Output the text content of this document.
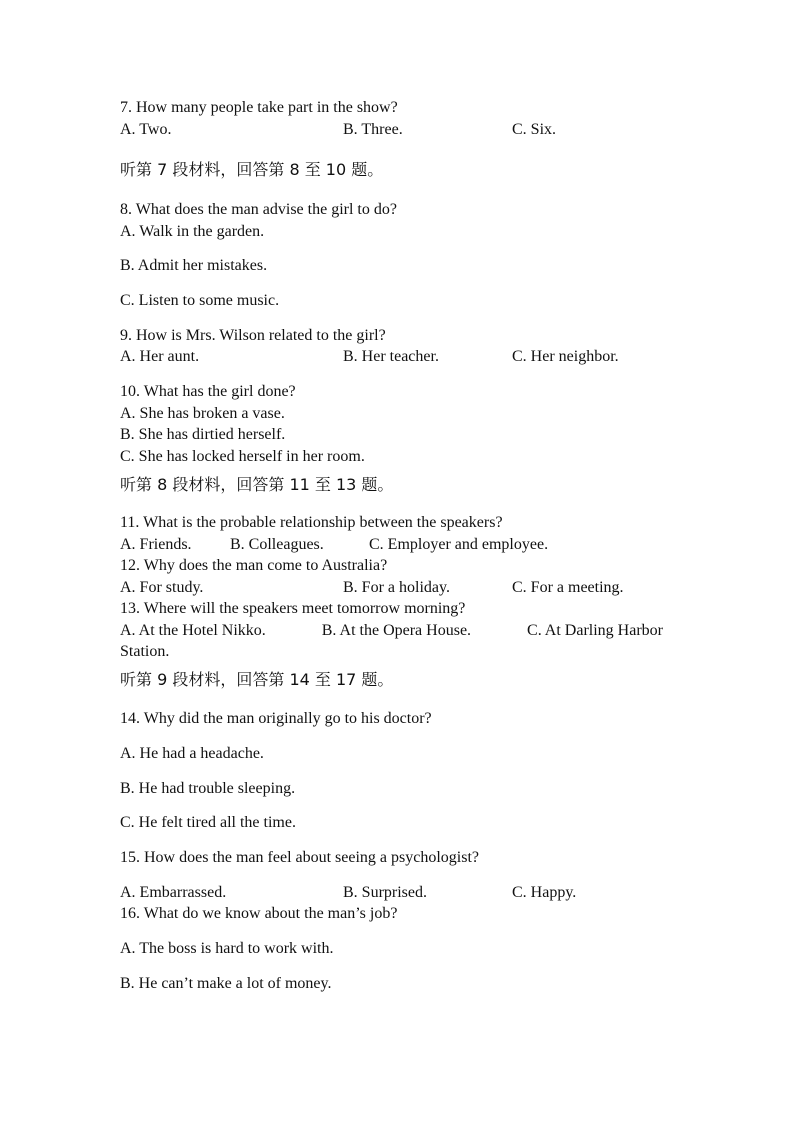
7. How many people take part in the show?
A. Two.	B. Three.	C. Six.
听第 7 段材料，回答第 8 至 10 题。
8. What does the man advise the girl to do?
A. Walk in the garden.
B. Admit her mistakes.
C. Listen to some music.
9. How is Mrs. Wilson related to the girl?
A. Her aunt.	B. Her teacher.	C. Her neighbor.
10. What has the girl done?
A. She has broken a vase.
B. She has dirtied herself.
C. She has locked herself in her room.
听第 8 段材料，回答第 11 至 13 题。
11. What is the probable relationship between the speakers?
A. Friends. B. Colleagues.	C. Employer and employee.
12. Why does the man come to Australia?
A. For study.	B. For a holiday.	C. For a meeting.
13. Where will the speakers meet tomorrow morning?
A. At the Hotel Nikko.	B. At the Opera House.	C. At Darling Harbor
Station.
听第 9 段材料，回答第 14 至 17 题。
14. Why did the man originally go to his doctor?
A. He had a headache.
B. He had trouble sleeping.
C. He felt tired all the time.
15. How does the man feel about seeing a psychologist?
A. Embarrassed.	B. Surprised.	C. Happy.
16. What do we know about the man’s job?
A. The boss is hard to work with.
B. He can’t make a lot of money.
